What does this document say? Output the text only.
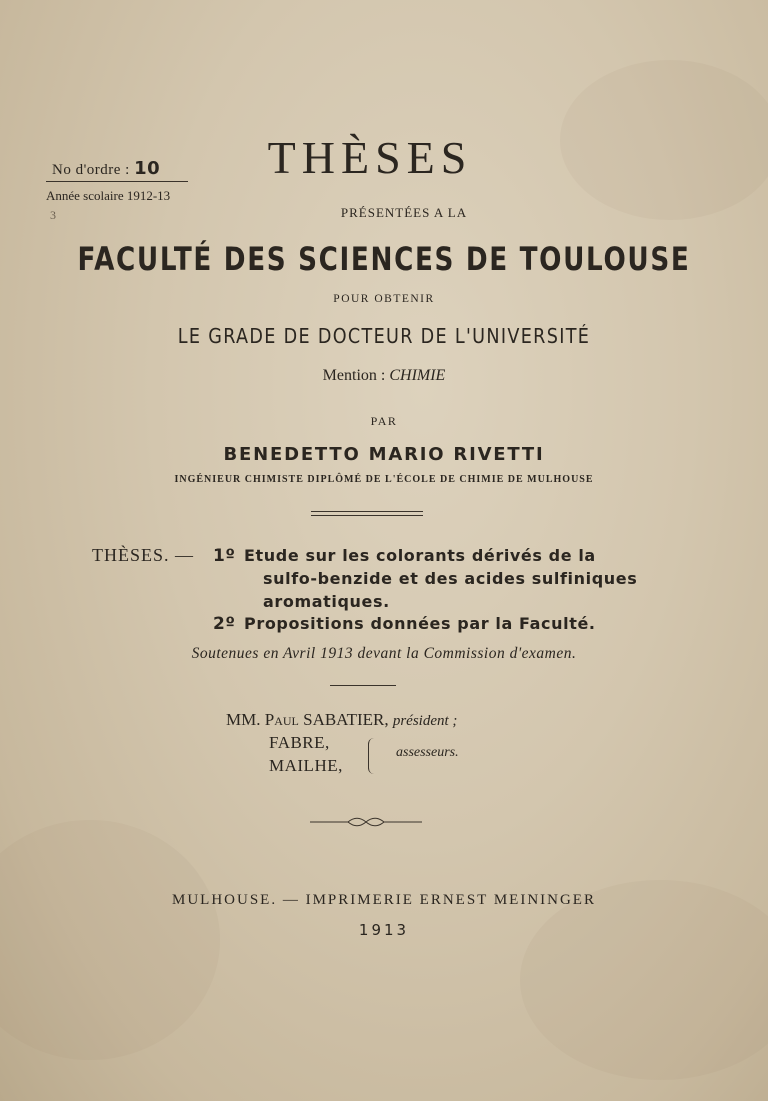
No d'ordre : 10
Année scolaire 1912-13
3
THÈSES
PRÉSENTÉES A LA
FACULTÉ DES SCIENCES DE TOULOUSE
POUR OBTENIR
LE GRADE DE DOCTEUR DE L'UNIVERSITÉ
Mention : CHIMIE
PAR
BENEDETTO MARIO RIVETTI
INGÉNIEUR CHIMISTE DIPLÔMÉ DE L'ÉCOLE DE CHIMIE DE MULHOUSE
THÈSES. — 1º Etude sur les colorants dérivés de la
sulfo-benzide et des acides sulfiniques
aromatiques.
2º Propositions données par la Faculté.
Soutenues en Avril 1913 devant la Commission d'examen.
MM. Paul SABATIER, président ;
FABRE,
MAILHE,
assesseurs.
MULHOUSE. — IMPRIMERIE ERNEST MEININGER
1913
